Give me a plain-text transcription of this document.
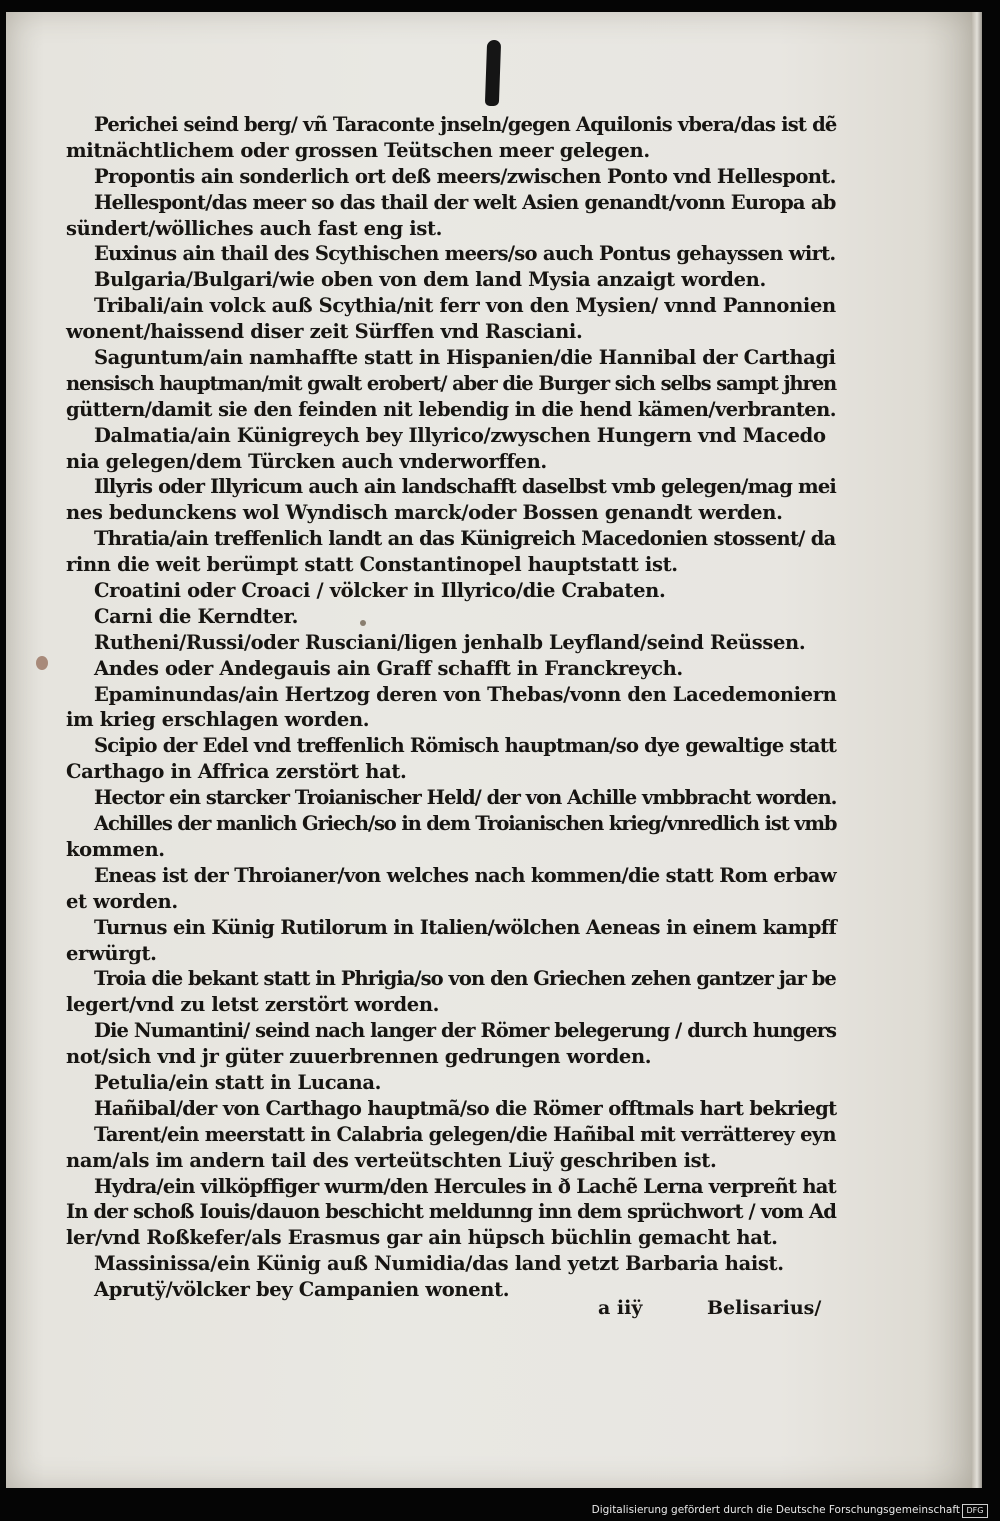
Perichei seind berg/ vñ Taraconte jnseln/gegen Aquilonis vbera/das ist dẽ
mitnächtlichem oder grossen Teütschen meer gelegen.
Propontis ain sonderlich ort deß meers/zwischen Ponto vnd Hellespont.
Hellespont/das meer so das thail der welt Asien genandt/vonn Europa ab
sündert/wölliches auch fast eng ist.
Euxinus ain thail des Scythischen meers/so auch Pontus gehayssen wirt.
Bulgaria/Bulgari/wie oben von dem land Mysia anzaigt worden.
Tribali/ain volck auß Scythia/nit ferr von den Mysien/ vnnd Pannonien
wonent/haissend diser zeit Sürffen vnd Rasciani.
Saguntum/ain namhaffte statt in Hispanien/die Hannibal der Carthagi
nensisch hauptman/mit gwalt erobert/ aber die Burger sich selbs sampt jhren
güttern/damit sie den feinden nit lebendig in die hend kämen/verbranten.
Dalmatia/ain Künigreych bey Illyrico/zwyschen Hungern vnd Macedo
nia gelegen/dem Türcken auch vnderworffen.
Illyris oder Illyricum auch ain landschafft daselbst vmb gelegen/mag mei
nes bedunckens wol Wyndisch marck/oder Bossen genandt werden.
Thratia/ain treffenlich landt an das Künigreich Macedonien stossent/ da
rinn die weit berümpt statt Constantinopel hauptstatt ist.
Croatini oder Croaci / völcker in Illyrico/die Crabaten.
Carni die Kerndter.
Rutheni/Russi/oder Rusciani/ligen jenhalb Leyfland/seind Reüssen.
Andes oder Andegauis ain Graff schafft in Franckreych.
Epaminundas/ain Hertzog deren von Thebas/vonn den Lacedemoniern
im krieg erschlagen worden.
Scipio der Edel vnd treffenlich Römisch hauptman/so dye gewaltige statt
Carthago in Affrica zerstört hat.
Hector ein starcker Troianischer Held/ der von Achille vmbbracht worden.
Achilles der manlich Griech/so in dem Troianischen krieg/vnredlich ist vmb
kommen.
Eneas ist der Throianer/von welches nach kommen/die statt Rom erbaw
et worden.
Turnus ein Künig Rutilorum in Italien/wölchen Aeneas in einem kampff
erwürgt.
Troia die bekant statt in Phrigia/so von den Griechen zehen gantzer jar be
legert/vnd zu letst zerstört worden.
Die Numantini/ seind nach langer der Römer belegerung / durch hungers
not/sich vnd jr güter zuuerbrennen gedrungen worden.
Petulia/ein statt in Lucana.
Hañibal/der von Carthago hauptmã/so die Römer offtmals hart bekriegt
Tarent/ein meerstatt in Calabria gelegen/die Hañibal mit verrätterey eyn
nam/als im andern tail des verteütschten Liuÿ geschriben ist.
Hydra/ein vilköpffiger wurm/den Hercules in ð Lachẽ Lerna verpreñt hat
In der schoß Iouis/dauon beschicht meldunng inn dem sprüchwort / vom Ad
ler/vnd Roßkefer/als Erasmus gar ain hüpsch büchlin gemacht hat.
Massinissa/ein Künig auß Numidia/das land yetzt Barbaria haist.
Aprutÿ/völcker bey Campanien wonent.
a iiÿ	Belisarius/
Digitalisierung gefördert durch die Deutsche Forschungsgemeinschaft DFG
